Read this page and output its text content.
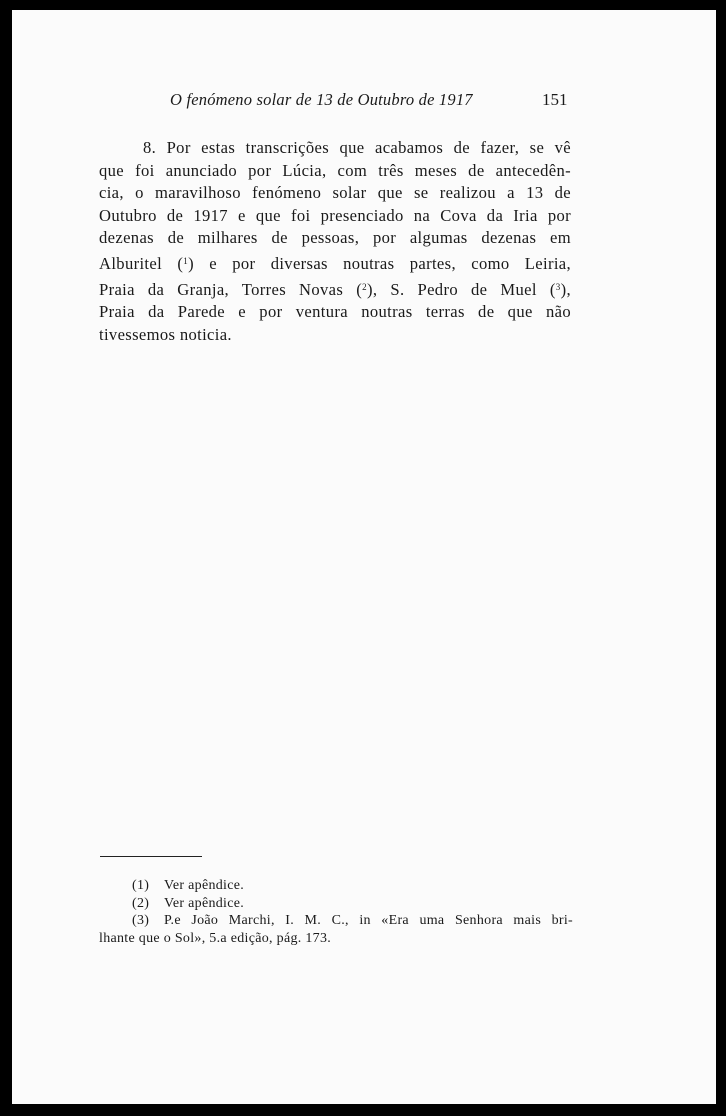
O fenómeno solar de 13 de Outubro de 1917	151
8. Por estas transcrições que acabamos de fazer, se vê
que foi anunciado por Lúcia, com três meses de antecedên-
cia, o maravilhoso fenómeno solar que se realizou a 13 de
Outubro de 1917 e que foi presenciado na Cova da Iria por
dezenas de milhares de pessoas, por algumas dezenas em
Alburitel ($^1$) e por diversas noutras partes, como Leiria,
Praia da Granja, Torres Novas ($^2$), S. Pedro de Muel ($^3$),
Praia da Parede e por ventura noutras terras de que não
tivessemos noticia.
(1) Ver apêndice.
(2) Ver apêndice.
(3) P.e João Marchi, I. M. C., in «Era uma Senhora mais bri-
lhante que o Sol», 5.a edição, pág. 173.
